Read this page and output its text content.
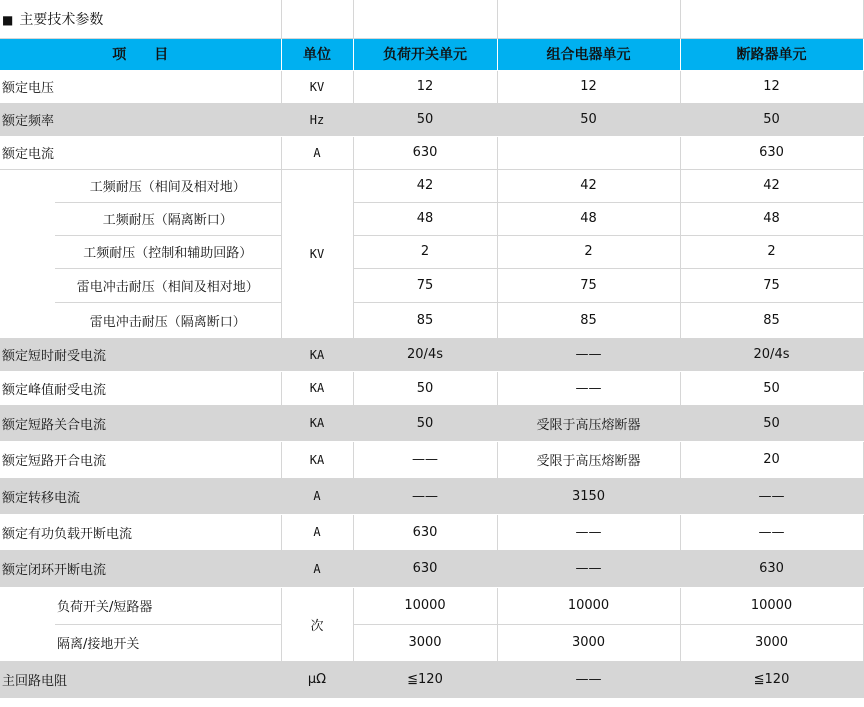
■ 主要技术参数					
项　　目		单位	负荷开关单元	组合电器单元	断路器单元
额定电压		KV	12	12	12
额定频率		Hz	50	50	50
额定电流		A	630		630
	工频耐压（相间及相对地）	KV	42	42	42
	工频耐压（隔离断口）		48	48	48
	工频耐压（控制和辅助回路）		2	2	2
	雷电冲击耐压（相间及相对地）		75	75	75
	雷电冲击耐压（隔离断口）		85	85	85
额定短时耐受电流		KA	20/4s	——	20/4s
额定峰值耐受电流		KA	50	——	50
额定短路关合电流		KA	50	受限于高压熔断器	50
额定短路开合电流		KA	——	受限于高压熔断器	20
额定转移电流		A	——	3150	——
额定有功负载开断电流		A	630	——	——
额定闭环开断电流		A	630	——	630
	负荷开关/短路器	次	10000	10000	10000
	隔离/接地开关		3000	3000	3000
主回路电阻		μΩ	≦120	——	≦120
